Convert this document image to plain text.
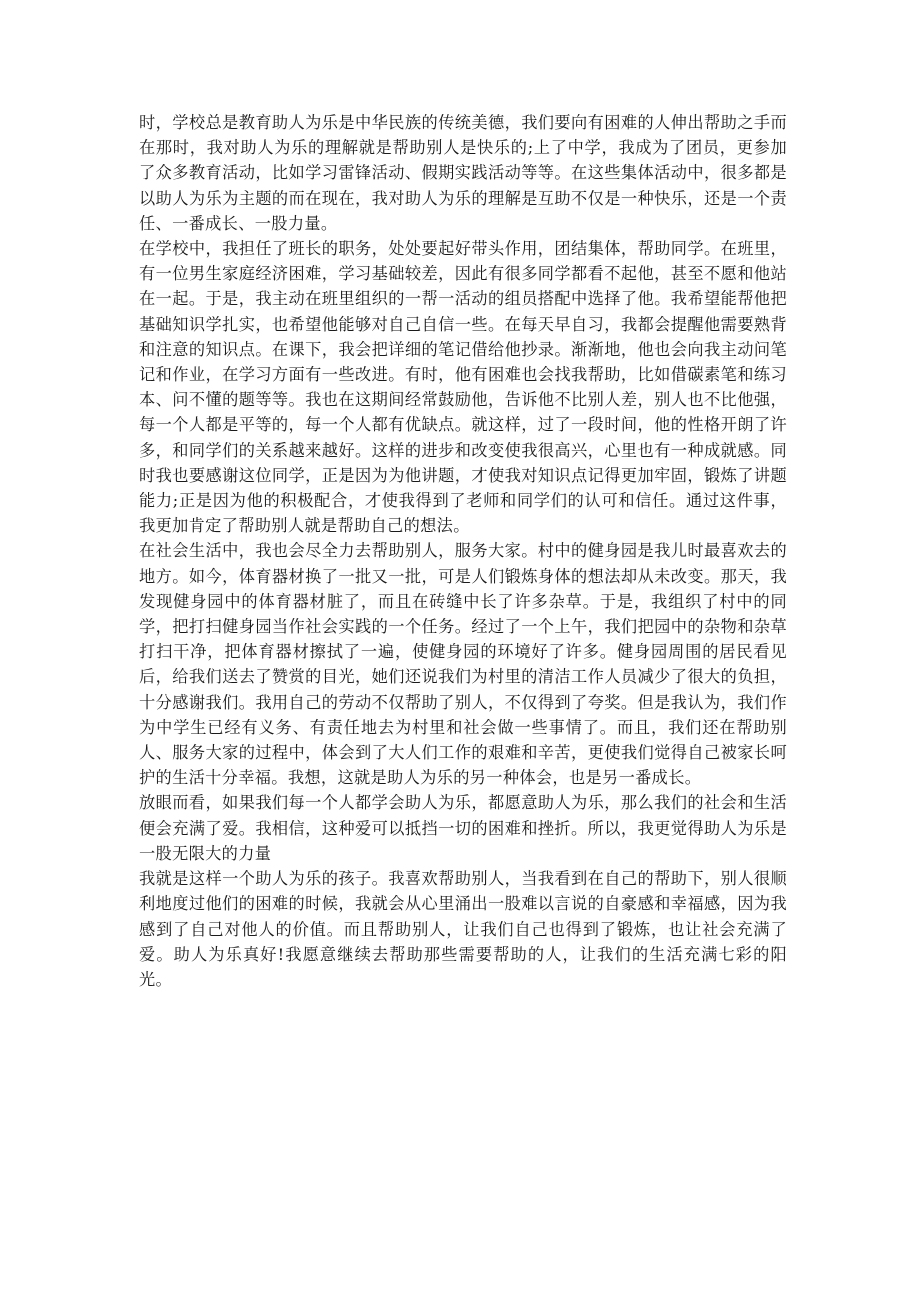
时，学校总是教育助人为乐是中华民族的传统美德，我们要向有困难的人伸出帮助之手而在那时，我对助人为乐的理解就是帮助别人是快乐的;上了中学，我成为了团员，更参加了众多教育活动，比如学习雷锋活动、假期实践活动等等。在这些集体活动中，很多都是以助人为乐为主题的而在现在，我对助人为乐的理解是互助不仅是一种快乐，还是一个责任、一番成长、一股力量。

在学校中，我担任了班长的职务，处处要起好带头作用，团结集体，帮助同学。在班里，有一位男生家庭经济困难，学习基础较差，因此有很多同学都看不起他，甚至不愿和他站在一起。于是，我主动在班里组织的一帮一活动的组员搭配中选择了他。我希望能帮他把基础知识学扎实，也希望他能够对自己自信一些。在每天早自习，我都会提醒他需要熟背和注意的知识点。在课下，我会把详细的笔记借给他抄录。渐渐地，他也会向我主动问笔记和作业，在学习方面有一些改进。有时，他有困难也会找我帮助，比如借碳素笔和练习本、问不懂的题等等。我也在这期间经常鼓励他，告诉他不比别人差，别人也不比他强，每一个人都是平等的，每一个人都有优缺点。就这样，过了一段时间，他的性格开朗了许多，和同学们的关系越来越好。这样的进步和改变使我很高兴，心里也有一种成就感。同时我也要感谢这位同学，正是因为为他讲题，才使我对知识点记得更加牢固，锻炼了讲题能力;正是因为他的积极配合，才使我得到了老师和同学们的认可和信任。通过这件事，我更加肯定了帮助别人就是帮助自己的想法。

在社会生活中，我也会尽全力去帮助别人，服务大家。村中的健身园是我儿时最喜欢去的地方。如今，体育器材换了一批又一批，可是人们锻炼身体的想法却从未改变。那天，我发现健身园中的体育器材脏了，而且在砖缝中长了许多杂草。于是，我组织了村中的同学，把打扫健身园当作社会实践的一个任务。经过了一个上午，我们把园中的杂物和杂草打扫干净，把体育器材擦拭了一遍，使健身园的环境好了许多。健身园周围的居民看见后，给我们送去了赞赏的目光，她们还说我们为村里的清洁工作人员减少了很大的负担，十分感谢我们。我用自己的劳动不仅帮助了别人，不仅得到了夸奖。但是我认为，我们作为中学生已经有义务、有责任地去为村里和社会做一些事情了。而且，我们还在帮助别人、服务大家的过程中，体会到了大人们工作的艰难和辛苦，更使我们觉得自己被家长呵护的生活十分幸福。我想，这就是助人为乐的另一种体会，也是另一番成长。

放眼而看，如果我们每一个人都学会助人为乐，都愿意助人为乐，那么我们的社会和生活便会充满了爱。我相信，这种爱可以抵挡一切的困难和挫折。所以，我更觉得助人为乐是一股无限大的力量

我就是这样一个助人为乐的孩子。我喜欢帮助别人，当我看到在自己的帮助下，别人很顺利地度过他们的困难的时候，我就会从心里涌出一股难以言说的自豪感和幸福感，因为我感到了自己对他人的价值。而且帮助别人，让我们自己也得到了锻炼，也让社会充满了爱。助人为乐真好!我愿意继续去帮助那些需要帮助的人，让我们的生活充满七彩的阳光。
